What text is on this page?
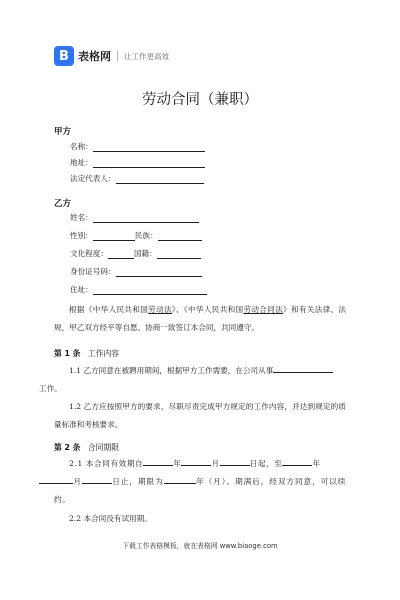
B 表格网 让工作更高效
劳动合同（兼职）
甲方
名称：
地址：
法定代表人：
乙方
姓名：
性别：	民族：
文化程度：	国籍：
身份证号码：
住址：
根据《中华人民共和国劳动法》、《中华人民共和国劳动合同法》和有关法律、法规，甲乙双方经平等自愿、协商一致签订本合同，共同遵守。
第 1 条 工作内容
1.1 乙方同意在被聘用期间，根据甲方工作需要，在公司从事
工作。
1.2 乙方应按照甲方的要求，尽职尽责完成甲方规定的工作内容，并达到规定的质量标准和考核要求。
第 2 条 合同期限
2.1 本合同有效期自	年	月	日起，至	年
月	日止，期限为	年（月）。期满后，经双方同意，可以续约。
2.2 本合同没有试用期。
下载工作表格模板，就在表格网 www.biaoge.com
